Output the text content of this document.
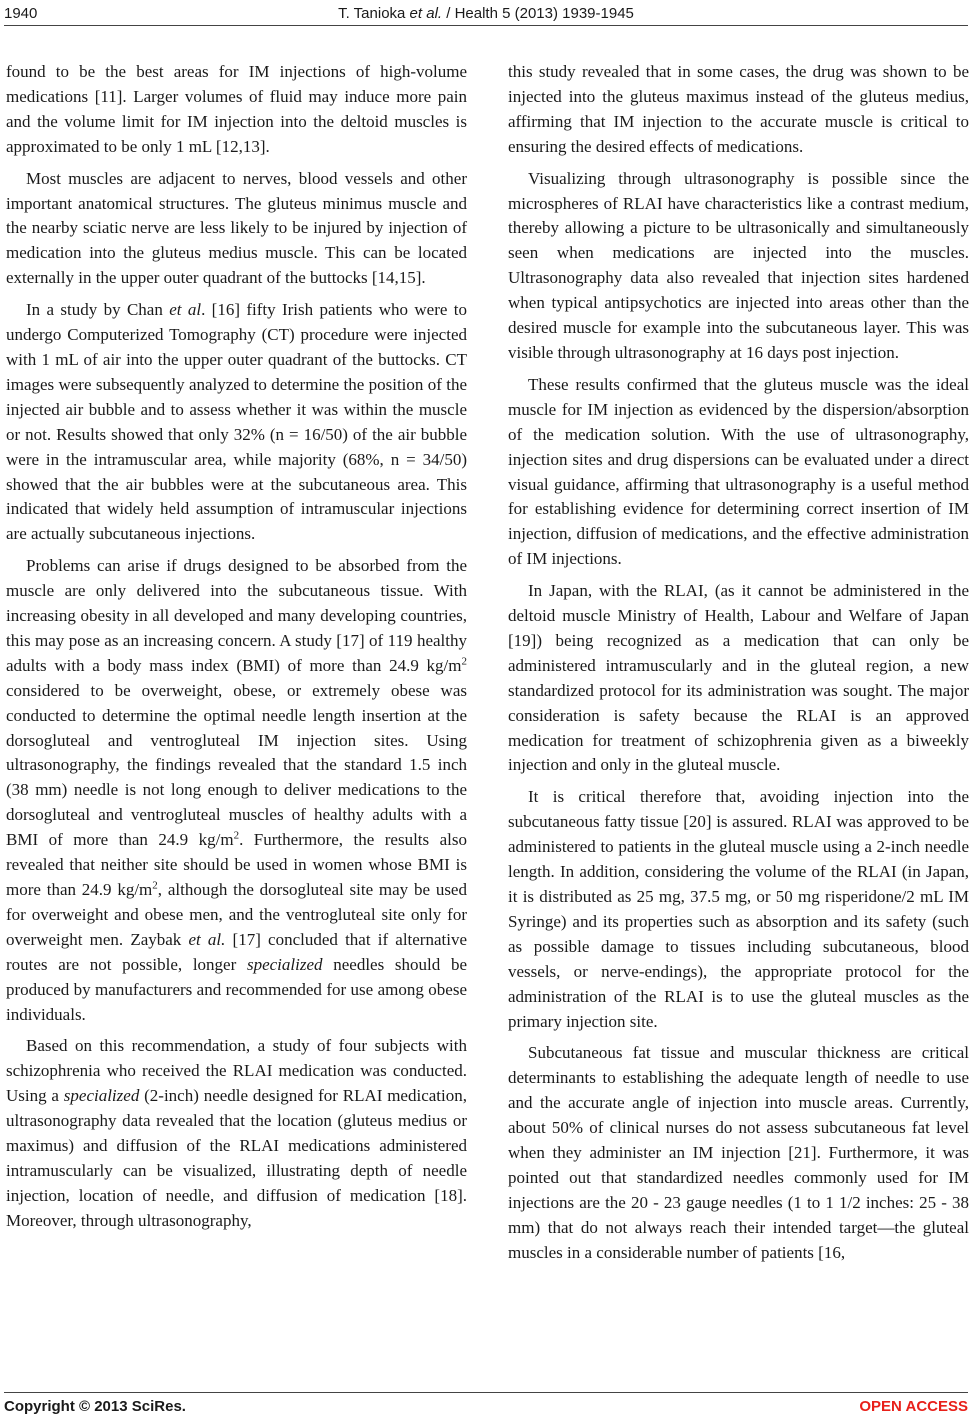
1940	T. Tanioka et al. / Health 5 (2013) 1939-1945

found to be the best areas for IM injections of high-volume medications [11]. Larger volumes of fluid may induce more pain and the volume limit for IM injection into the deltoid muscles is approximated to be only 1 mL [12,13].

Most muscles are adjacent to nerves, blood vessels and other important anatomical structures. The gluteus minimus muscle and the nearby sciatic nerve are less likely to be injured by injection of medication into the gluteus medius muscle. This can be located externally in the upper outer quadrant of the buttocks [14,15].

In a study by Chan et al. [16] fifty Irish patients who were to undergo Computerized Tomography (CT) procedure were injected with 1 mL of air into the upper outer quadrant of the buttocks. CT images were subsequently analyzed to determine the position of the injected air bubble and to assess whether it was within the muscle or not. Results showed that only 32% (n = 16/50) of the air bubble were in the intramuscular area, while majority (68%, n = 34/50) showed that the air bubbles were at the subcutaneous area. This indicated that widely held assumption of intramuscular injections are actually subcutaneous injections.

Problems can arise if drugs designed to be absorbed from the muscle are only delivered into the subcutaneous tissue. With increasing obesity in all developed and many developing countries, this may pose as an increasing concern. A study [17] of 119 healthy adults with a body mass index (BMI) of more than 24.9 $kg/m^2$ considered to be overweight, obese, or extremely obese was conducted to determine the optimal needle length insertion at the dorsogluteal and ventrogluteal IM injection sites. Using ultrasonography, the findings revealed that the standard 1.5 inch (38 mm) needle is not long enough to deliver medications to the dorsogluteal and ventrogluteal muscles of healthy adults with a BMI of more than 24.9 $kg/m^2$. Furthermore, the results also revealed that neither site should be used in women whose BMI is more than 24.9 $kg/m^2$, although the dorsogluteal site may be used for overweight and obese men, and the ventrogluteal site only for overweight men. Zaybak et al. [17] concluded that if alternative routes are not possible, longer specialized needles should be produced by manufacturers and recommended for use among obese individuals.

Based on this recommendation, a study of four subjects with schizophrenia who received the RLAI medication was conducted. Using a specialized (2-inch) needle designed for RLAI medication, ultrasonography data revealed that the location (gluteus medius or maximus) and diffusion of the RLAI medications administered intramuscularly can be visualized, illustrating depth of needle injection, location of needle, and diffusion of medication [18]. Moreover, through ultrasonography,

this study revealed that in some cases, the drug was shown to be injected into the gluteus maximus instead of the gluteus medius, affirming that IM injection to the accurate muscle is critical to ensuring the desired effects of medications.

Visualizing through ultrasonography is possible since the microspheres of RLAI have characteristics like a contrast medium, thereby allowing a picture to be ultrasonically and simultaneously seen when medications are injected into the muscles. Ultrasonography data also revealed that injection sites hardened when typical antipsychotics are injected into areas other than the desired muscle for example into the subcutaneous layer. This was visible through ultrasonography at 16 days post injection.

These results confirmed that the gluteus muscle was the ideal muscle for IM injection as evidenced by the dispersion/absorption of the medication solution. With the use of ultrasonography, injection sites and drug dispersions can be evaluated under a direct visual guidance, affirming that ultrasonography is a useful method for establishing evidence for determining correct insertion of IM injection, diffusion of medications, and the effective administration of IM injections.

In Japan, with the RLAI, (as it cannot be administered in the deltoid muscle Ministry of Health, Labour and Welfare of Japan [19]) being recognized as a medication that can only be administered intramuscularly and in the gluteal region, a new standardized protocol for its administration was sought. The major consideration is safety because the RLAI is an approved medication for treatment of schizophrenia given as a biweekly injection and only in the gluteal muscle.

It is critical therefore that, avoiding injection into the subcutaneous fatty tissue [20] is assured. RLAI was approved to be administered to patients in the gluteal muscle using a 2-inch needle length. In addition, considering the volume of the RLAI (in Japan, it is distributed as 25 mg, 37.5 mg, or 50 mg risperidone/2 mL IM Syringe) and its properties such as absorption and its safety (such as possible damage to tissues including subcutaneous, blood vessels, or nerve-endings), the appropriate protocol for the administration of the RLAI is to use the gluteal muscles as the primary injection site.

Subcutaneous fat tissue and muscular thickness are critical determinants to establishing the adequate length of needle to use and the accurate angle of injection into muscle areas. Currently, about 50% of clinical nurses do not assess subcutaneous fat level when they administer an IM injection [21]. Furthermore, it was pointed out that standardized needles commonly used for IM injections are the 20 - 23 gauge needles (1 to 1 1/2 inches: 25 - 38 mm) that do not always reach their intended target—the gluteal muscles in a considerable number of patients [16,

Copyright © 2013 SciRes.	OPEN ACCESS
